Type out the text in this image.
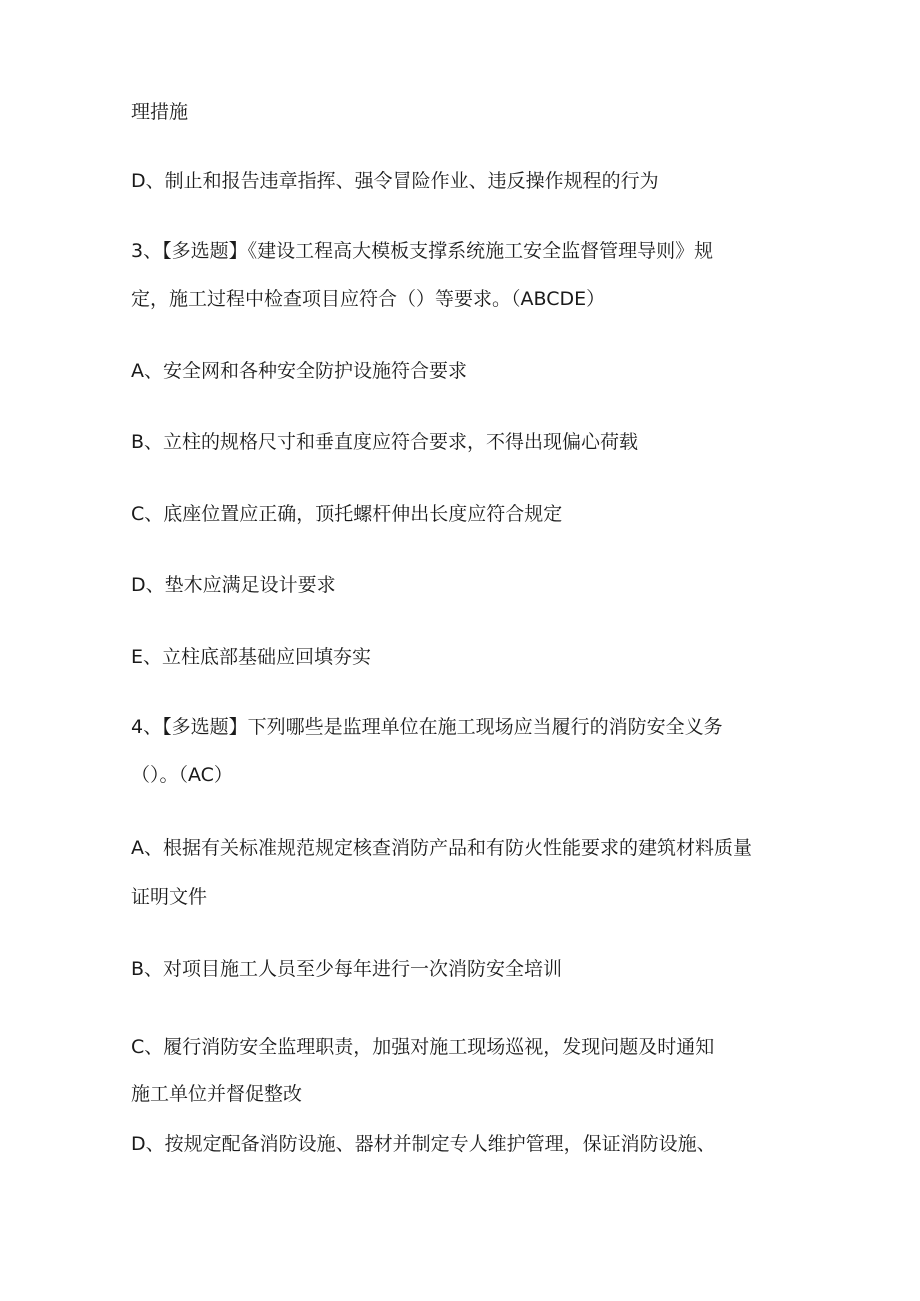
理措施
D、制止和报告违章指挥、强令冒险作业、违反操作规程的行为
3、【多选题】《建设工程高大模板支撑系统施工安全监督管理导则》规
定，施工过程中检查项目应符合（）等要求。（ABCDE）
A、安全网和各种安全防护设施符合要求
B、立柱的规格尺寸和垂直度应符合要求，不得出现偏心荷载
C、底座位置应正确，顶托螺杆伸出长度应符合规定
D、垫木应满足设计要求
E、立柱底部基础应回填夯实
4、【多选题】下列哪些是监理单位在施工现场应当履行的消防安全义务
（）。（AC）
A、根据有关标准规范规定核查消防产品和有防火性能要求的建筑材料质量
证明文件
B、对项目施工人员至少每年进行一次消防安全培训
C、履行消防安全监理职责，加强对施工现场巡视，发现问题及时通知
施工单位并督促整改
D、按规定配备消防设施、器材并制定专人维护管理，保证消防设施、
